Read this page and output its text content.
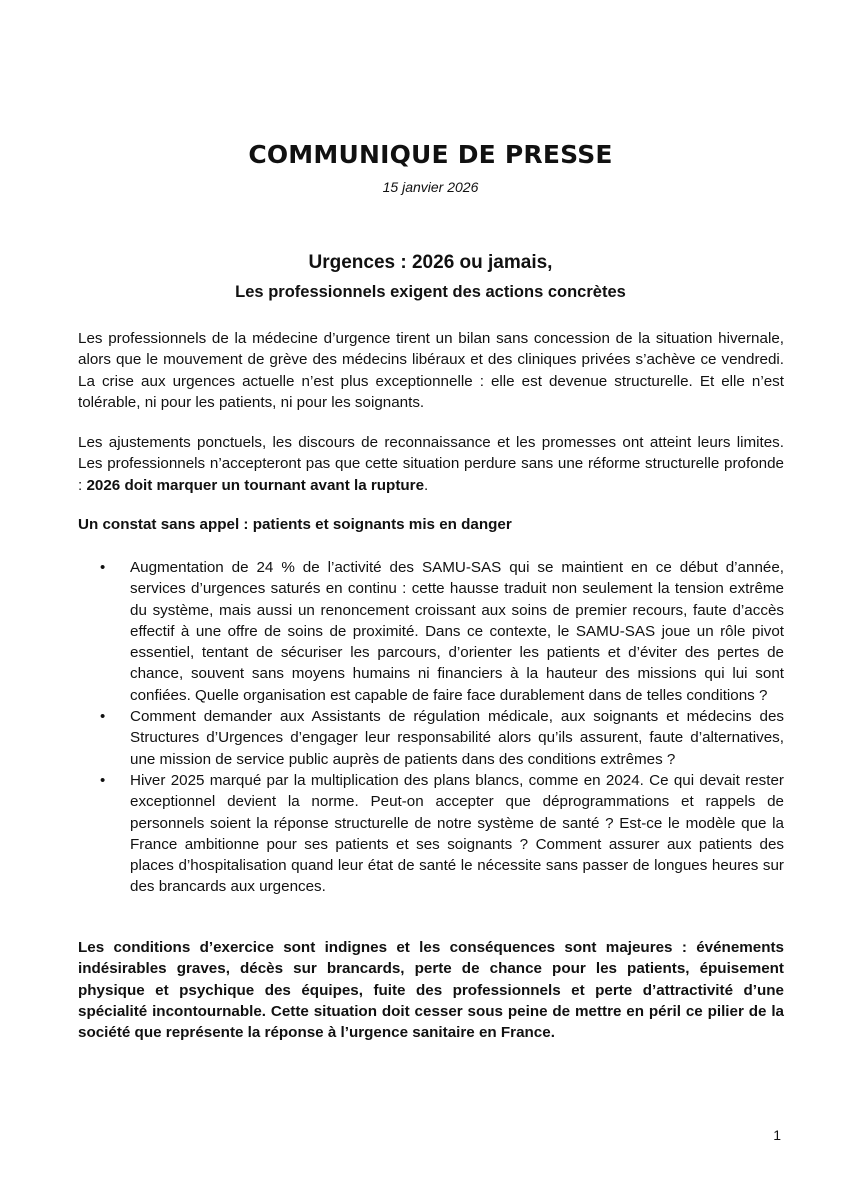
COMMUNIQUE DE PRESSE
15 janvier 2026
Urgences : 2026 ou jamais,
Les professionnels exigent des actions concrètes

Les professionnels de la médecine d’urgence tirent un bilan sans concession de la situation hivernale, alors que le mouvement de grève des médecins libéraux et des cliniques privées s’achève ce vendredi. La crise aux urgences actuelle n’est plus exceptionnelle : elle est devenue structurelle. Et elle n’est tolérable, ni pour les patients, ni pour les soignants.

Les ajustements ponctuels, les discours de reconnaissance et les promesses ont atteint leurs limites. Les professionnels n’accepteront pas que cette situation perdure sans une réforme structurelle profonde : 2026 doit marquer un tournant avant la rupture.

Un constat sans appel : patients et soignants mis en danger
• Augmentation de 24 % de l’activité des SAMU-SAS qui se maintient en ce début d’année, services d’urgences saturés en continu : cette hausse traduit non seulement la tension extrême du système, mais aussi un renoncement croissant aux soins de premier recours, faute d’accès effectif à une offre de soins de proximité. Dans ce contexte, le SAMU-SAS joue un rôle pivot essentiel, tentant de sécuriser les parcours, d’orienter les patients et d’éviter des pertes de chance, souvent sans moyens humains ni financiers à la hauteur des missions qui lui sont confiées. Quelle organisation est capable de faire face durablement dans de telles conditions ?
• Comment demander aux Assistants de régulation médicale, aux soignants et médecins des Structures d’Urgences d’engager leur responsabilité alors qu’ils assurent, faute d’alternatives, une mission de service public auprès de patients dans des conditions extrêmes ?
• Hiver 2025 marqué par la multiplication des plans blancs, comme en 2024. Ce qui devait rester exceptionnel devient la norme. Peut-on accepter que déprogrammations et rappels de personnels soient la réponse structurelle de notre système de santé ? Est-ce le modèle que la France ambitionne pour ses patients et ses soignants ? Comment assurer aux patients des places d’hospitalisation quand leur état de santé le nécessite sans passer de longues heures sur des brancards aux urgences.

Les conditions d’exercice sont indignes et les conséquences sont majeures : événements indésirables graves, décès sur brancards, perte de chance pour les patients, épuisement physique et psychique des équipes, fuite des professionnels et perte d’attractivité d’une spécialité incontournable. Cette situation doit cesser sous peine de mettre en péril ce pilier de la société que représente la réponse à l’urgence sanitaire en France.

1
